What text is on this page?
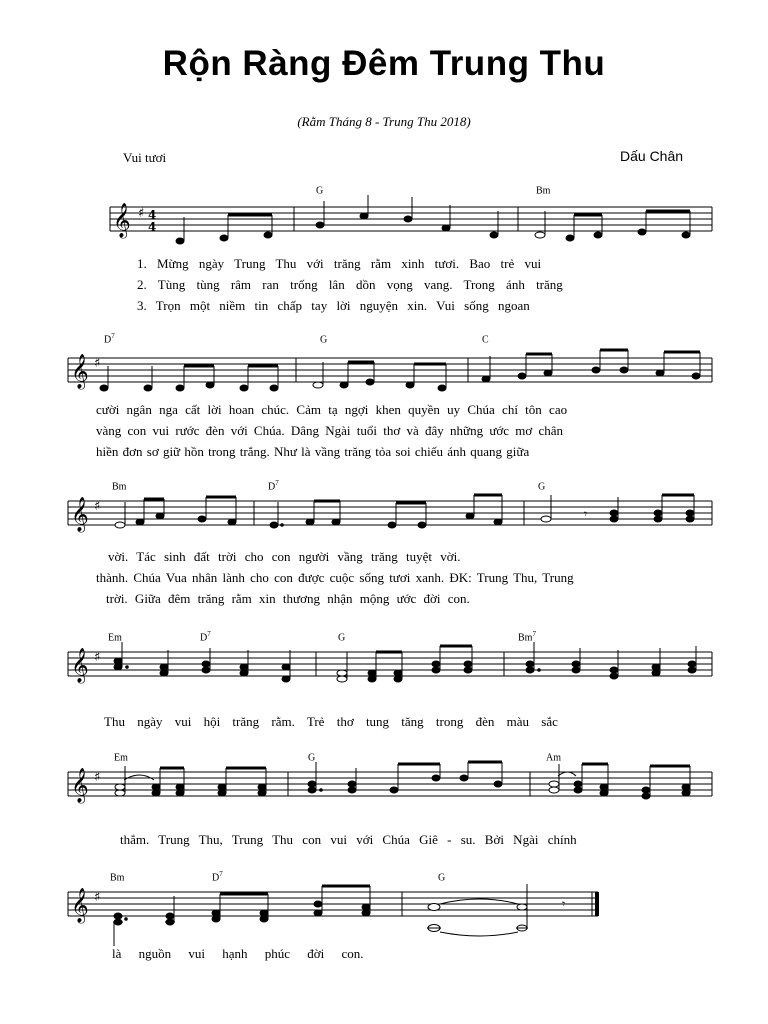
Rộn Ràng Đêm Trung Thu
(Rằm Tháng 8 - Trung Thu 2018)
Vui tươi	Dấu Chân
𝄞 ♯ 4
4
G	Bm
1. Mừng ngày Trung Thu với trăng rằm xinh tươi. Bao trẻ vui
2. Tùng tùng râm ran trống lân dồn vọng vang. Trong ánh trăng
3. Trọn một niềm tin chấp tay lời nguyện xin. Vui sống ngoan
𝄞 ♯
$D^7$	G	C
cười ngân nga cất lời hoan chúc. Cảm tạ ngợi khen quyền uy Chúa chí tôn cao
vàng con vui rước đèn với Chúa. Dâng Ngài tuổi thơ và đây những ước mơ chân
hiền đơn sơ giữ hồn trong trắng. Như là vầng trăng tỏa soi chiếu ánh quang giữa
𝄞 ♯	𝄾
Bm	$D^7$	G
vời. Tác sinh đất trời cho con người vầng trăng tuyệt vời.
thành. Chúa Vua nhân lành cho con được cuộc sống tươi xanh. ĐK: Trung Thu, Trung
trời. Giữa đêm trăng rằm xin thương nhận mộng ước đời con.
𝄞 ♯
Em	$D^7$	G	Bm$^7$
Thu ngày vui hội trăng rằm. Trẻ thơ tung tăng trong đèn màu sắc
𝄞 ♯
Em	G	Am
thắm. Trung Thu, Trung Thu con vui với Chúa Giê - su. Bởi Ngài chính
𝄞 ♯	𝄾
Bm	$D^7$	G
là nguồn vui hạnh phúc đời con.
